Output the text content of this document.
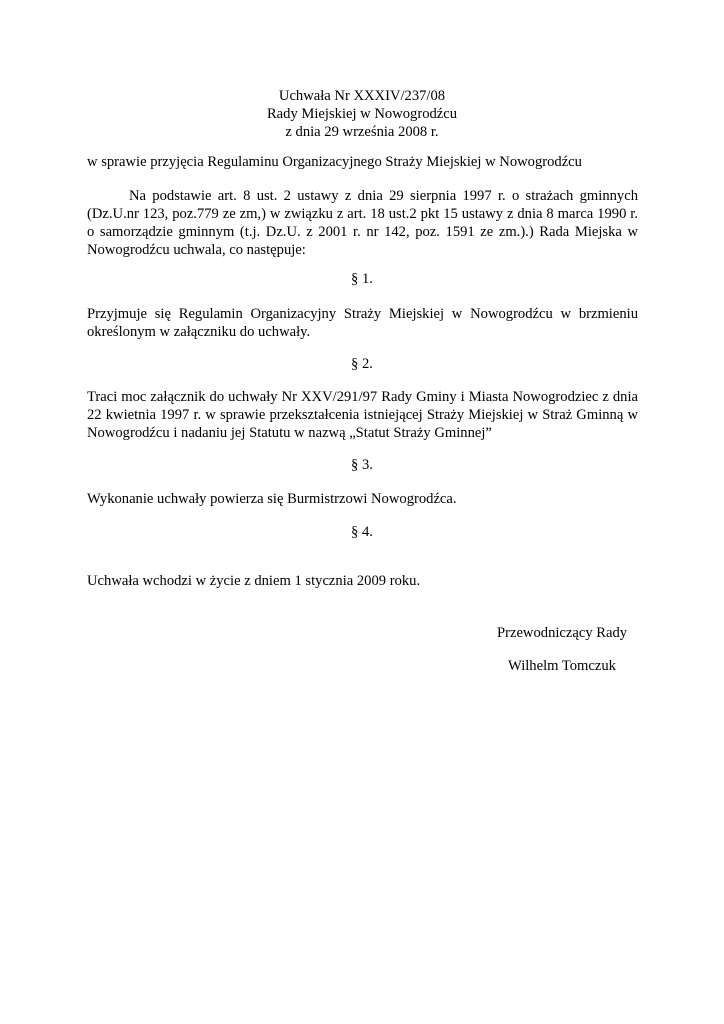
Uchwała Nr XXXIV/237/08
Rady Miejskiej w Nowogrodźcu
z dnia 29 września 2008 r.
w sprawie przyjęcia Regulaminu Organizacyjnego Straży Miejskiej w Nowogrodźcu
Na podstawie art. 8 ust. 2 ustawy z dnia 29 sierpnia 1997 r. o strażach gminnych
(Dz.U.nr 123, poz.779 ze zm,) w związku z art. 18 ust.2 pkt 15 ustawy z dnia 8 marca 1990 r.
o samorządzie gminnym (t.j. Dz.U. z 2001 r. nr 142, poz. 1591 ze zm.).) Rada Miejska w
Nowogrodźcu uchwala, co następuje:
§ 1.
Przyjmuje się Regulamin Organizacyjny Straży Miejskiej w Nowogrodźcu w brzmieniu
określonym w załączniku do uchwały.
§ 2.
Traci moc załącznik do uchwały Nr XXV/291/97 Rady Gminy i Miasta Nowogrodziec z dnia
22 kwietnia 1997 r. w sprawie przekształcenia istniejącej Straży Miejskiej w Straż Gminną w
Nowogrodźcu i nadaniu jej Statutu w nazwą „Statut Straży Gminnej”
§ 3.
Wykonanie uchwały powierza się Burmistrzowi Nowogrodźca.
§ 4.
Uchwała wchodzi w życie z dniem 1 stycznia 2009 roku.
Przewodniczący Rady
Wilhelm Tomczuk
